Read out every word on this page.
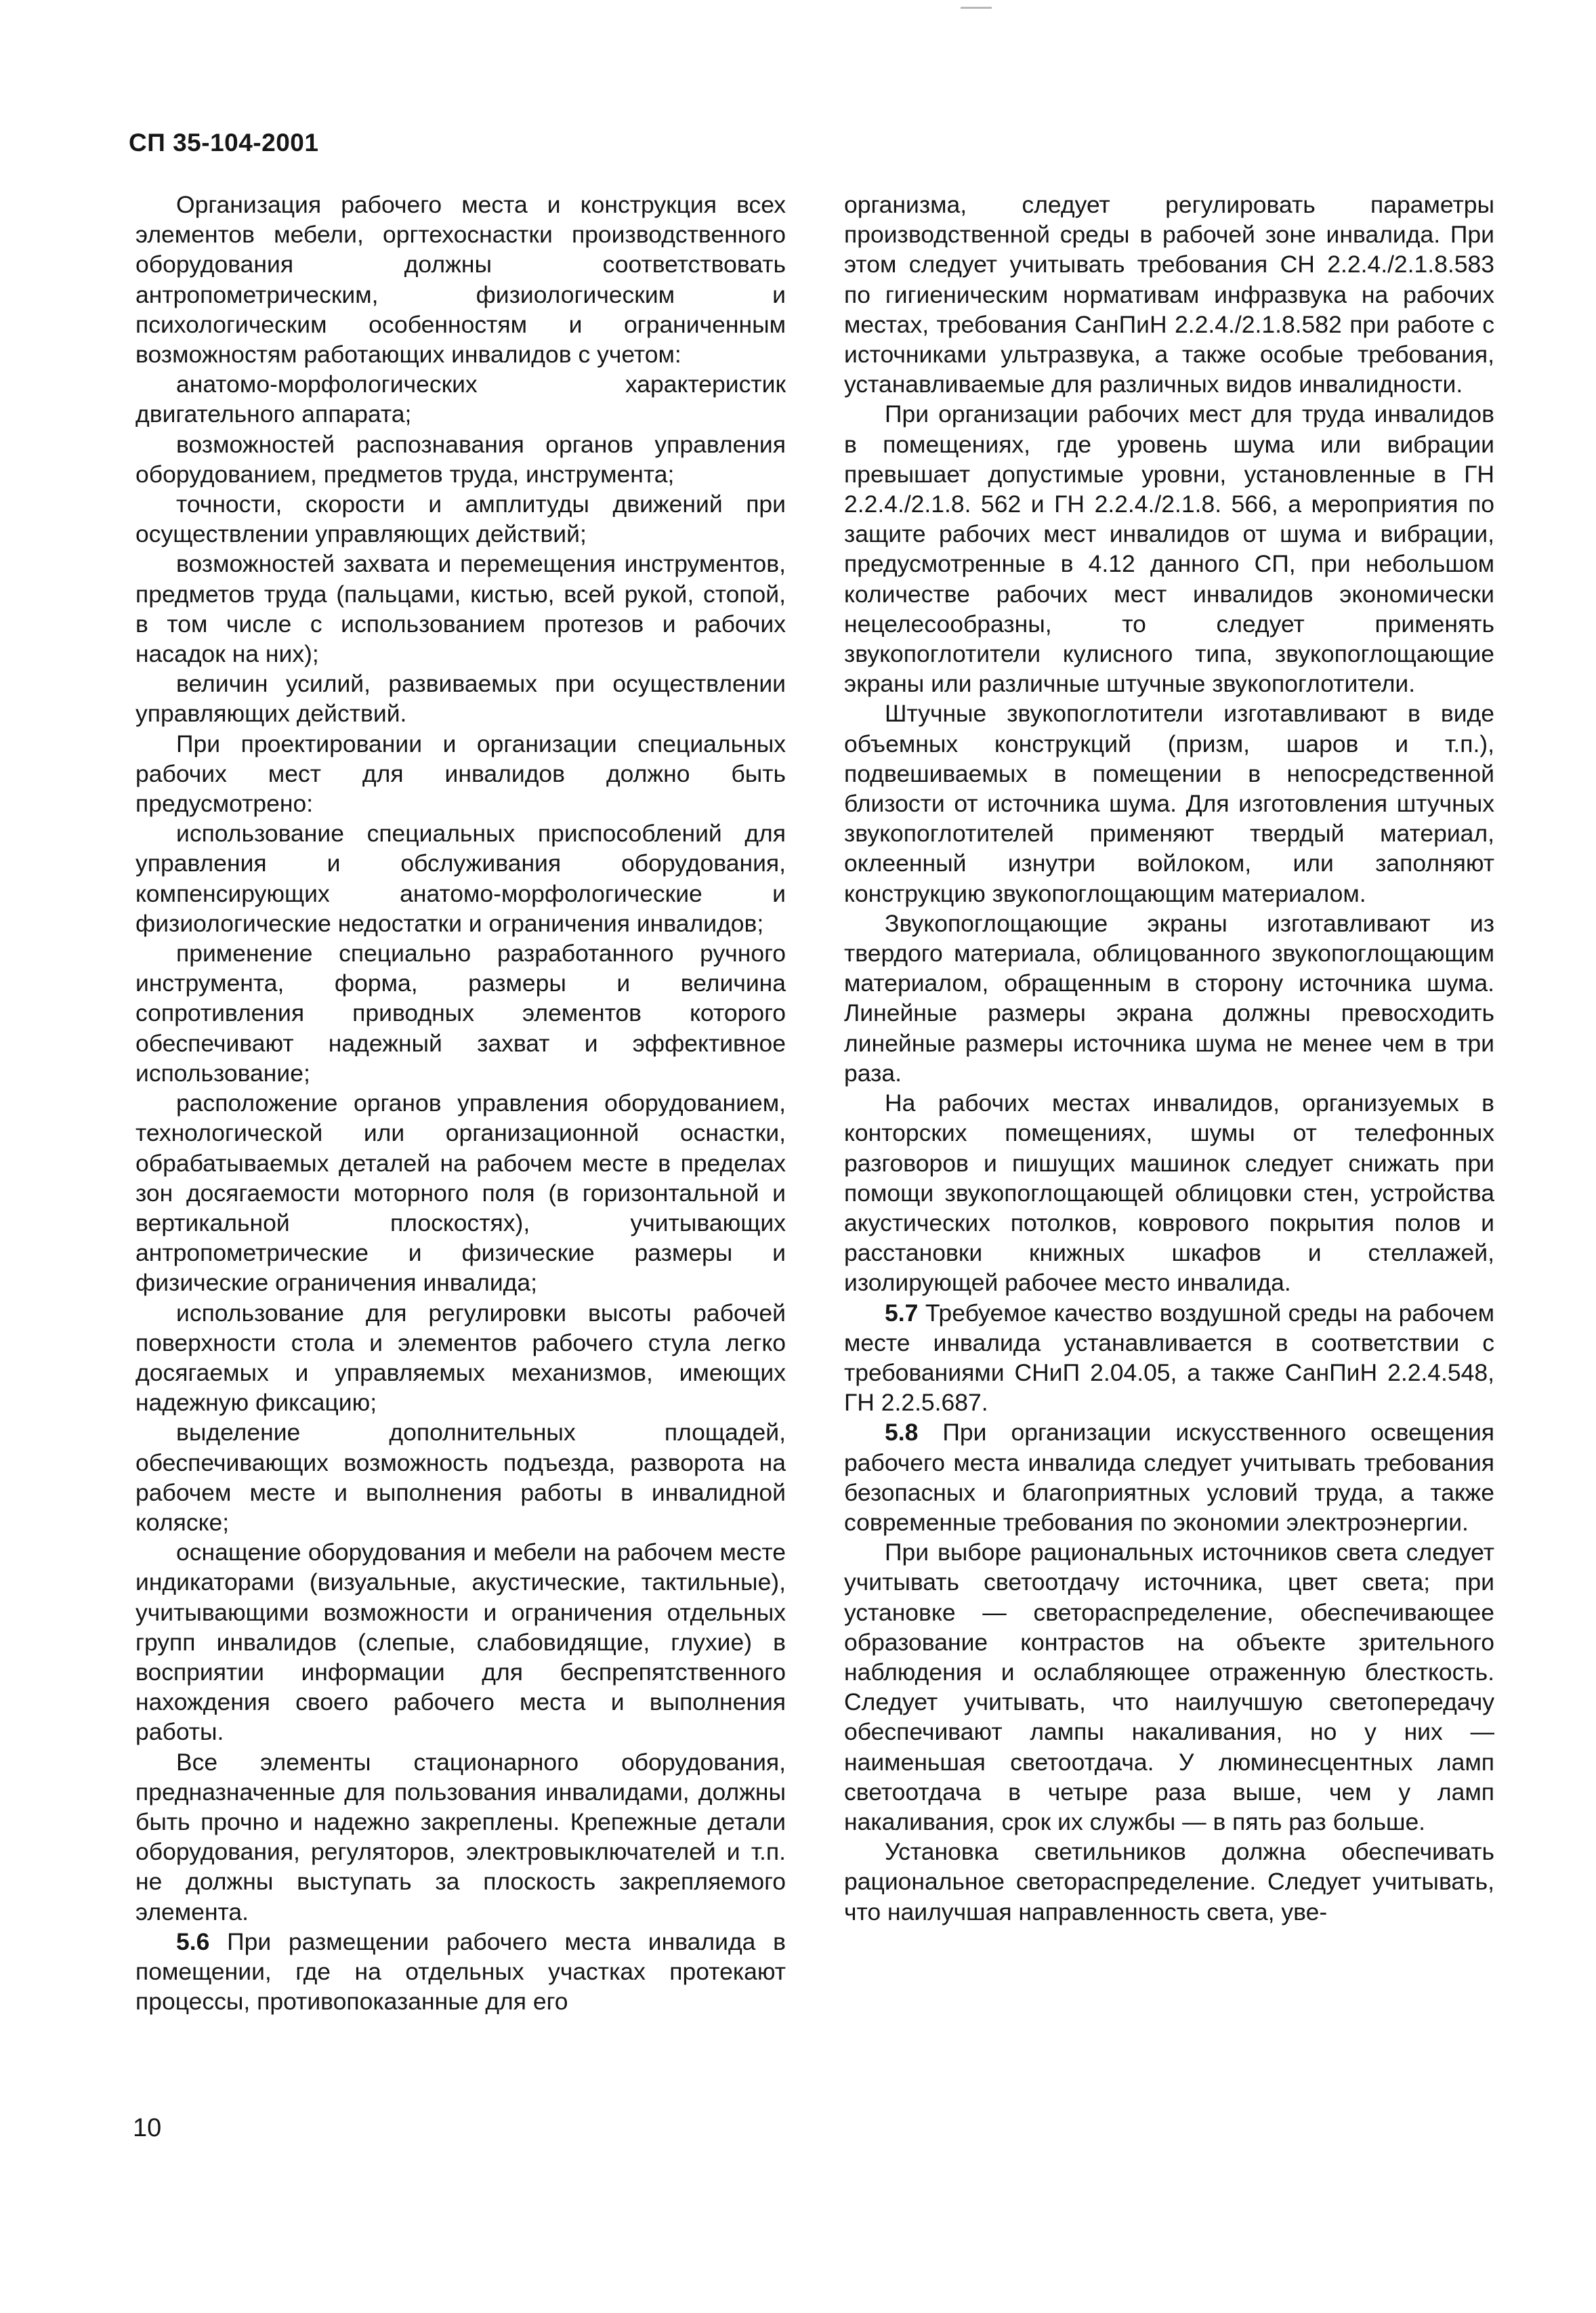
СП 35-104-2001

Организация рабочего места и конструкция всех элементов мебели, оргтехоснастки производственного оборудования должны соответствовать антропометрическим, физиологическим и психологическим особенностям и ограниченным возможностям работающих инвалидов с учетом:

анатомо-морфологических характеристик двигательного аппарата;

возможностей распознавания органов управления оборудованием, предметов труда, инструмента;

точности, скорости и амплитуды движений при осуществлении управляющих действий;

возможностей захвата и перемещения инструментов, предметов труда (пальцами, кистью, всей рукой, стопой, в том числе с использованием протезов и рабочих насадок на них);

величин усилий, развиваемых при осуществлении управляющих действий.

При проектировании и организации специальных рабочих мест для инвалидов должно быть предусмотрено:

использование специальных приспособлений для управления и обслуживания оборудования, компенсирующих анатомо-морфологические и физиологические недостатки и ограничения инвалидов;

применение специально разработанного ручного инструмента, форма, размеры и величина сопротивления приводных элементов которого обеспечивают надежный захват и эффективное использование;

расположение органов управления оборудованием, технологической или организационной оснастки, обрабатываемых деталей на рабочем месте в пределах зон досягаемости моторного поля (в горизонтальной и вертикальной плоскостях), учитывающих антропометрические и физические размеры и физические ограничения инвалида;

использование для регулировки высоты рабочей поверхности стола и элементов рабочего стула легко досягаемых и управляемых механизмов, имеющих надежную фиксацию;

выделение дополнительных площадей, обеспечивающих возможность подъезда, разворота на рабочем месте и выполнения работы в инвалидной коляске;

оснащение оборудования и мебели на рабочем месте индикаторами (визуальные, акустические, тактильные), учитывающими возможности и ограничения отдельных групп инвалидов (слепые, слабовидящие, глухие) в восприятии информации для беспрепятственного нахождения своего рабочего места и выполнения работы.

Все элементы стационарного оборудования, предназначенные для пользования инвалидами, должны быть прочно и надежно закреплены. Крепежные детали оборудования, регуляторов, электровыключателей и т.п. не должны выступать за плоскость закрепляемого элемента.

5.6 При размещении рабочего места инвалида в помещении, где на отдельных участках протекают процессы, противопоказанные для его

организма, следует регулировать параметры производственной среды в рабочей зоне инвалида. При этом следует учитывать требования СН 2.2.4./2.1.8.583 по гигиеническим нормативам инфразвука на рабочих местах, требования СанПиН 2.2.4./2.1.8.582 при работе с источниками ультразвука, а также особые требования, устанавливаемые для различных видов инвалидности.

При организации рабочих мест для труда инвалидов в помещениях, где уровень шума или вибрации превышает допустимые уровни, установленные в ГН 2.2.4./2.1.8. 562 и ГН 2.2.4./2.1.8. 566, а мероприятия по защите рабочих мест инвалидов от шума и вибрации, предусмотренные в 4.12 данного СП, при небольшом количестве рабочих мест инвалидов экономически нецелесообразны, то следует применять звукопоглотители кулисного типа, звукопоглощающие экраны или различные штучные звукопоглотители.

Штучные звукопоглотители изготавливают в виде объемных конструкций (призм, шаров и т.п.), подвешиваемых в помещении в непосредственной близости от источника шума. Для изготовления штучных звукопоглотителей применяют твердый материал, оклеенный изнутри войлоком, или заполняют конструкцию звукопоглощающим материалом.

Звукопоглощающие экраны изготавливают из твердого материала, облицованного звукопоглощающим материалом, обращенным в сторону источника шума. Линейные размеры экрана должны превосходить линейные размеры источника шума не менее чем в три раза.

На рабочих местах инвалидов, организуемых в конторских помещениях, шумы от телефонных разговоров и пишущих машинок следует снижать при помощи звукопоглощающей облицовки стен, устройства акустических потолков, коврового покрытия полов и расстановки книжных шкафов и стеллажей, изолирующей рабочее место инвалида.

5.7 Требуемое качество воздушной среды на рабочем месте инвалида устанавливается в соответствии с требованиями СНиП 2.04.05, а также СанПиН 2.2.4.548, ГН 2.2.5.687.

5.8 При организации искусственного освещения рабочего места инвалида следует учитывать требования безопасных и благоприятных условий труда, а также современные требования по экономии электроэнергии.

При выборе рациональных источников света следует учитывать светоотдачу источника, цвет света; при установке — светораспределение, обеспечивающее образование контрастов на объекте зрительного наблюдения и ослабляющее отраженную блесткость. Следует учитывать, что наилучшую светопередачу обеспечивают лампы накаливания, но у них — наименьшая светоотдача. У люминесцентных ламп светоотдача в четыре раза выше, чем у ламп накаливания, срок их службы — в пять раз больше.

Установка светильников должна обеспечивать рациональное светораспределение. Следует учитывать, что наилучшая направленность света, уве-

10
